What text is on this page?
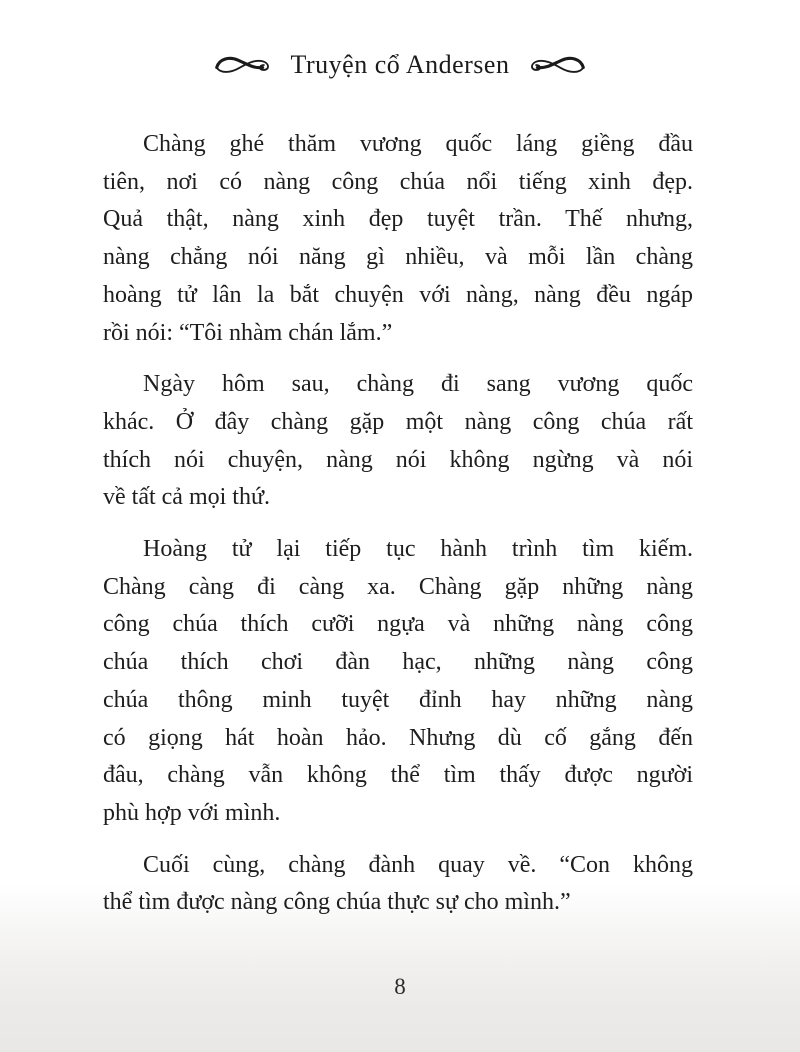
Truyện cổ Andersen
Chàng ghé thăm vương quốc láng giềng đầu
tiên, nơi có nàng công chúa nổi tiếng xinh đẹp.
Quả thật, nàng xinh đẹp tuyệt trần. Thế nhưng,
nàng chẳng nói năng gì nhiều, và mỗi lần chàng
hoàng tử lân la bắt chuyện với nàng, nàng đều ngáp
rồi nói: “Tôi nhàm chán lắm.”
Ngày hôm sau, chàng đi sang vương quốc
khác. Ở đây chàng gặp một nàng công chúa rất
thích nói chuyện, nàng nói không ngừng và nói
về tất cả mọi thứ.
Hoàng tử lại tiếp tục hành trình tìm kiếm.
Chàng càng đi càng xa. Chàng gặp những nàng
công chúa thích cưỡi ngựa và những nàng công
chúa thích chơi đàn hạc, những nàng công
chúa thông minh tuyệt đỉnh hay những nàng
có giọng hát hoàn hảo. Nhưng dù cố gắng đến
đâu, chàng vẫn không thể tìm thấy được người
phù hợp với mình.
Cuối cùng, chàng đành quay về. “Con không
thể tìm được nàng công chúa thực sự cho mình.”
8
